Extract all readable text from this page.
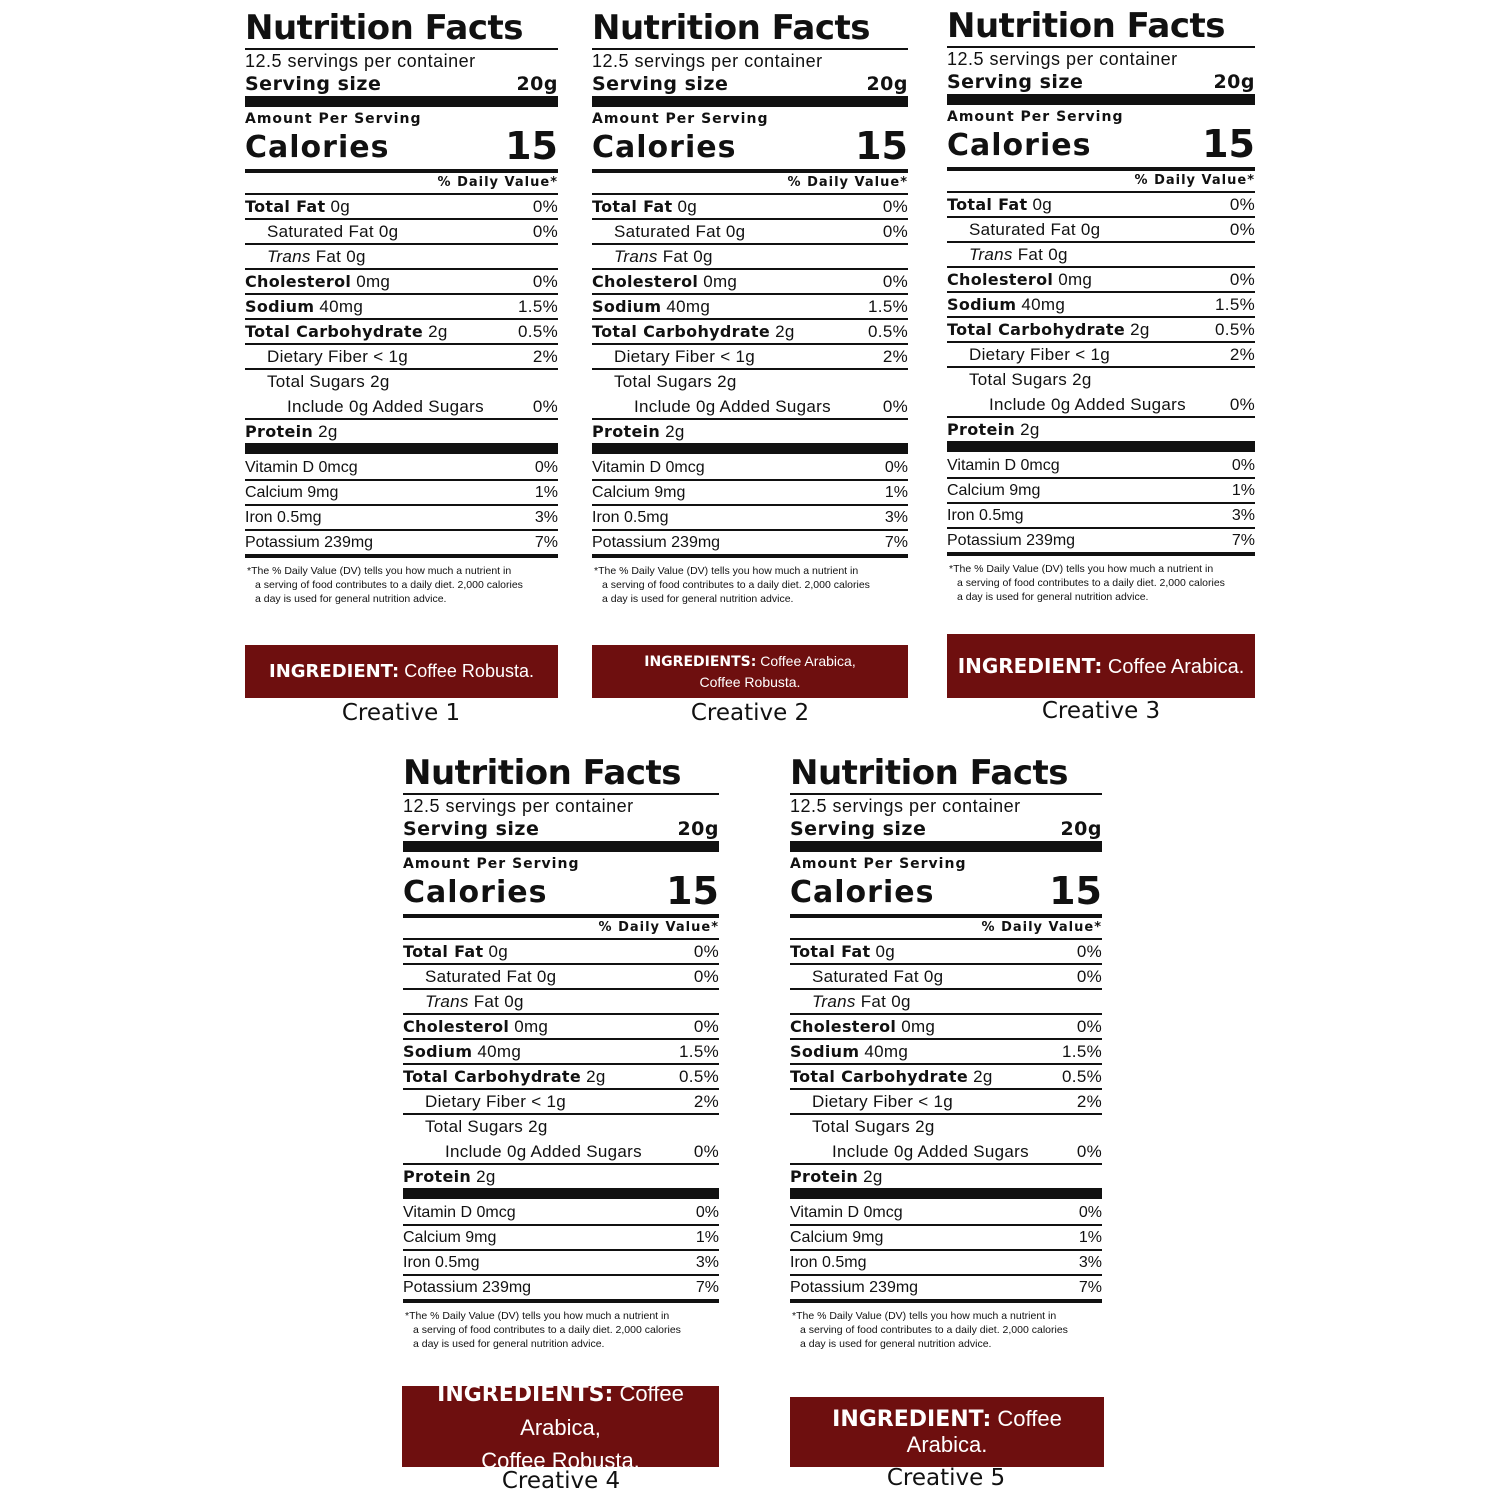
Nutrition Facts
12.5 servings per container
Serving size	20g
Amount Per Serving
Calories	15
% Daily Value*
Total Fat 0g	0%
Saturated Fat 0g	0%
Trans Fat 0g
Cholesterol 0mg	0%
Sodium 40mg	1.5%
Total Carbohydrate 2g	0.5%
Dietary Fiber < 1g	2%
Total Sugars 2g
Include 0g Added Sugars	0%
Protein 2g
Vitamin D 0mcg	0%
Calcium 9mg	1%
Iron 0.5mg	3%
Potassium 239mg	7%
*The % Daily Value (DV) tells you how much a nutrient in
a serving of food contributes to a daily diet. 2,000 calories
a day is used for general nutrition advice.
INGREDIENT: Coffee Robusta.
Creative 1
Nutrition Facts
12.5 servings per container
Serving size	20g
Amount Per Serving
Calories	15
% Daily Value*
Total Fat 0g	0%
Saturated Fat 0g	0%
Trans Fat 0g
Cholesterol 0mg	0%
Sodium 40mg	1.5%
Total Carbohydrate 2g	0.5%
Dietary Fiber < 1g	2%
Total Sugars 2g
Include 0g Added Sugars	0%
Protein 2g
Vitamin D 0mcg	0%
Calcium 9mg	1%
Iron 0.5mg	3%
Potassium 239mg	7%
*The % Daily Value (DV) tells you how much a nutrient in
a serving of food contributes to a daily diet. 2,000 calories
a day is used for general nutrition advice.
INGREDIENTS: Coffee Arabica,
Coffee Robusta.
Creative 2
Nutrition Facts
12.5 servings per container
Serving size	20g
Amount Per Serving
Calories	15
% Daily Value*
Total Fat 0g	0%
Saturated Fat 0g	0%
Trans Fat 0g
Cholesterol 0mg	0%
Sodium 40mg	1.5%
Total Carbohydrate 2g	0.5%
Dietary Fiber < 1g	2%
Total Sugars 2g
Include 0g Added Sugars	0%
Protein 2g
Vitamin D 0mcg	0%
Calcium 9mg	1%
Iron 0.5mg	3%
Potassium 239mg	7%
*The % Daily Value (DV) tells you how much a nutrient in
a serving of food contributes to a daily diet. 2,000 calories
a day is used for general nutrition advice.
INGREDIENT: Coffee Arabica.
Creative 3
Nutrition Facts
12.5 servings per container
Serving size	20g
Amount Per Serving
Calories	15
% Daily Value*
Total Fat 0g	0%
Saturated Fat 0g	0%
Trans Fat 0g
Cholesterol 0mg	0%
Sodium 40mg	1.5%
Total Carbohydrate 2g	0.5%
Dietary Fiber < 1g	2%
Total Sugars 2g
Include 0g Added Sugars	0%
Protein 2g
Vitamin D 0mcg	0%
Calcium 9mg	1%
Iron 0.5mg	3%
Potassium 239mg	7%
*The % Daily Value (DV) tells you how much a nutrient in
a serving of food contributes to a daily diet. 2,000 calories
a day is used for general nutrition advice.
INGREDIENTS: Coffee Arabica,
Coffee Robusta.
Creative 4
Nutrition Facts
12.5 servings per container
Serving size	20g
Amount Per Serving
Calories	15
% Daily Value*
Total Fat 0g	0%
Saturated Fat 0g	0%
Trans Fat 0g
Cholesterol 0mg	0%
Sodium 40mg	1.5%
Total Carbohydrate 2g	0.5%
Dietary Fiber < 1g	2%
Total Sugars 2g
Include 0g Added Sugars	0%
Protein 2g
Vitamin D 0mcg	0%
Calcium 9mg	1%
Iron 0.5mg	3%
Potassium 239mg	7%
*The % Daily Value (DV) tells you how much a nutrient in
a serving of food contributes to a daily diet. 2,000 calories
a day is used for general nutrition advice.
INGREDIENT: Coffee Arabica.
Creative 5
